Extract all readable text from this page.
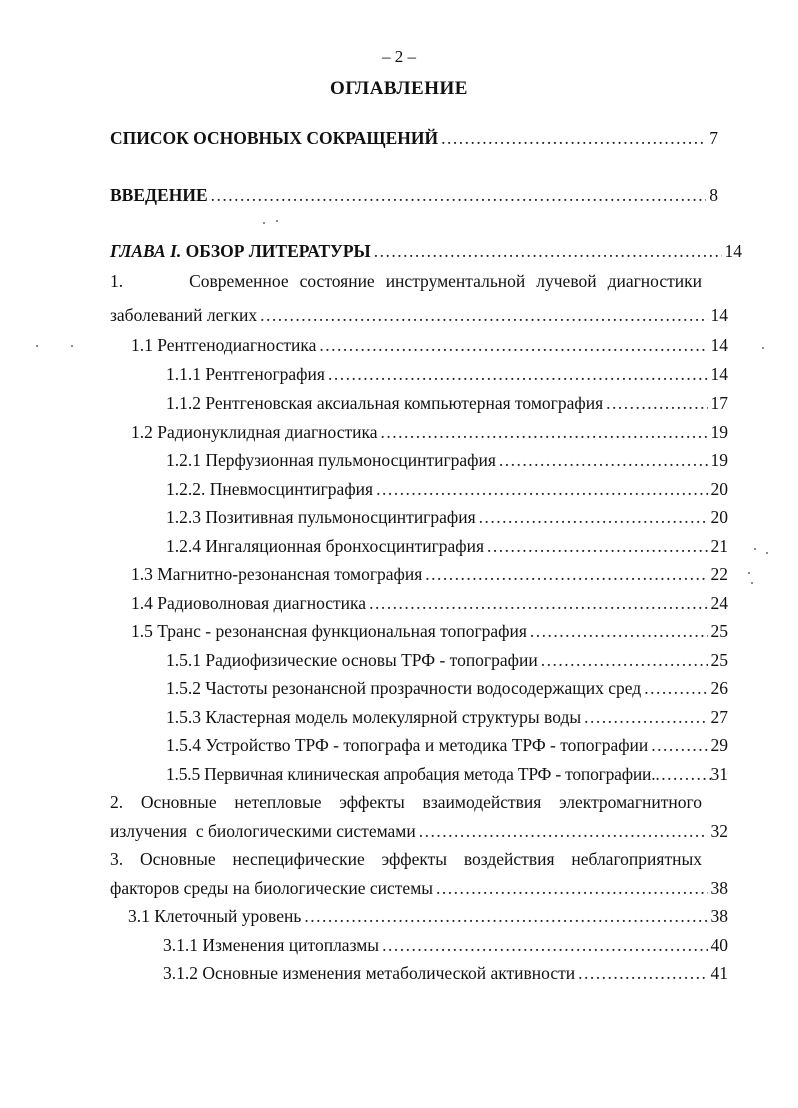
– 2 –
ОГЛАВЛЕНИЕ
СПИСОК ОСНОВНЫХ СОКРАЩЕНИЙ .....	7
ВВЕДЕНИЕ .....	8
ГЛАВА I. ОБЗОР ЛИТЕРАТУРЫ .....	14
1.      Современное состояние инструментальной лучевой диагностики
заболеваний легких .....	14
1.1 Рентгенодиагностика .....	14
1.1.1 Рентгенография .....	14
1.1.2 Рентгеновская аксиальная компьютерная томография .....	17
1.2 Радионуклидная диагностика .....	19
1.2.1 Перфузионная пульмоносцинтиграфия .....	19
1.2.2. Пневмосцинтиграфия .....	20
1.2.3 Позитивная пульмоносцинтиграфия .....	20
1.2.4 Ингаляционная бронхосцинтиграфия .....	21
1.3 Магнитно-резонансная томография .....	22
1.4 Радиоволновая диагностика .....	24
1.5 Транс - резонансная функциональная топография .....	25
1.5.1 Радиофизические основы ТРФ - топографии .....	25
1.5.2 Частоты резонансной прозрачности водосодержащих сред .....	26
1.5.3 Кластерная модель молекулярной структуры воды .....	27
1.5.4 Устройство ТРФ - топографа и методика ТРФ - топографии .....	29
1.5.5 Первичная клиническая апробация метода ТРФ - топографии. .....	31
2. Основные нетепловые эффекты взаимодействия электромагнитного
излучения  с биологическими системами .....	32
3. Основные неспецифические эффекты воздействия неблагоприятных
факторов среды на биологические системы .....	38
3.1 Клеточный уровень .....	38
3.1.1 Изменения цитоплазмы .....	40
3.1.2 Основные изменения метаболической активности .....	41
